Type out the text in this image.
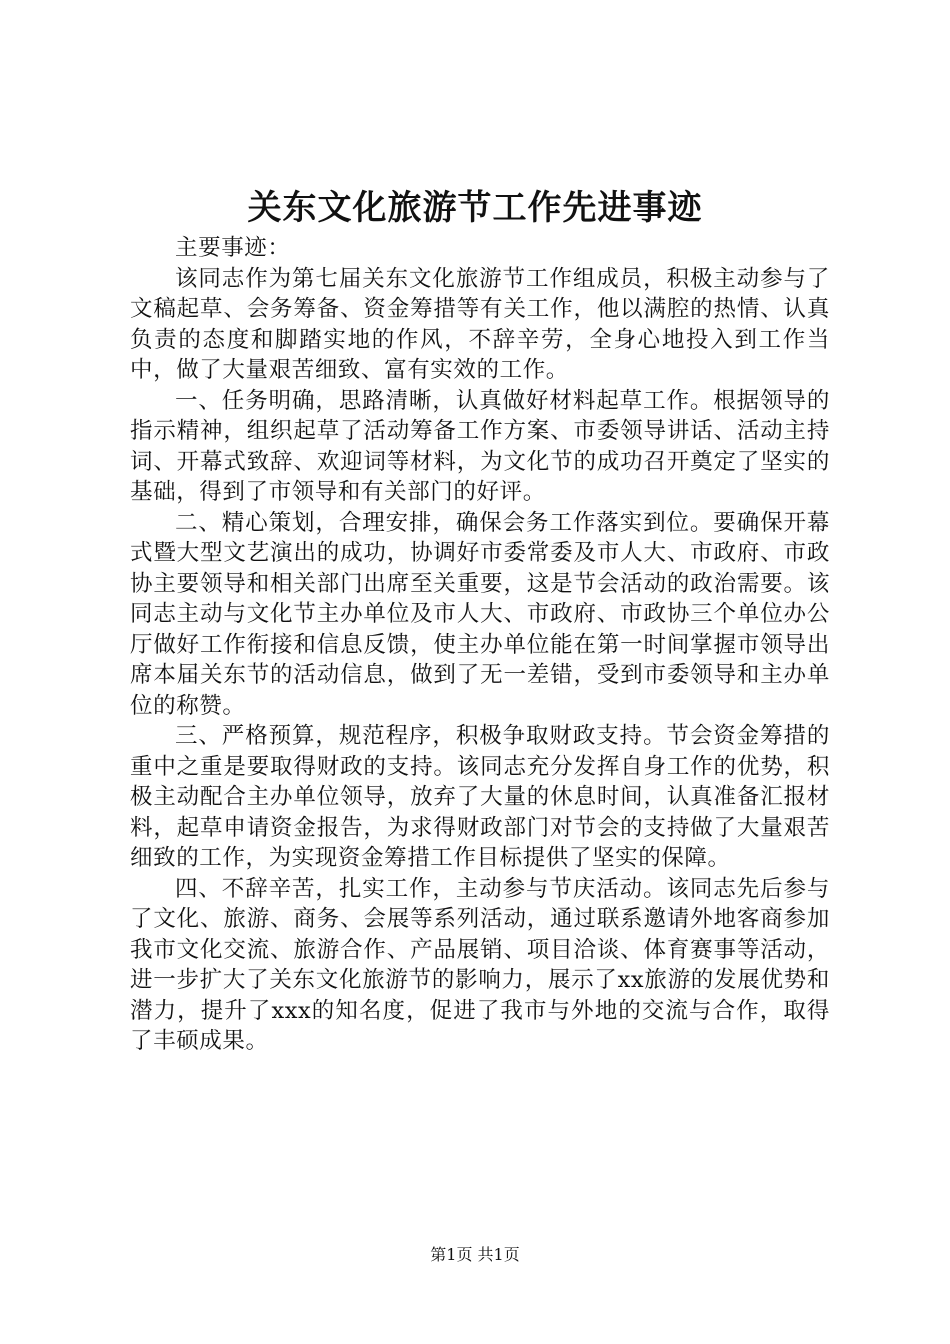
关东文化旅游节工作先进事迹

主要事迹：

该同志作为第七届关东文化旅游节工作组成员，积极主动参与了文稿起草、会务筹备、资金筹措等有关工作，他以满腔的热情、认真负责的态度和脚踏实地的作风，不辞辛劳，全身心地投入到工作当中，做了大量艰苦细致、富有实效的工作。

一、任务明确，思路清晰，认真做好材料起草工作。根据领导的指示精神，组织起草了活动筹备工作方案、市委领导讲话、活动主持词、开幕式致辞、欢迎词等材料，为文化节的成功召开奠定了坚实的基础，得到了市领导和有关部门的好评。

二、精心策划，合理安排，确保会务工作落实到位。要确保开幕式暨大型文艺演出的成功，协调好市委常委及市人大、市政府、市政协主要领导和相关部门出席至关重要，这是节会活动的政治需要。该同志主动与文化节主办单位及市人大、市政府、市政协三个单位办公厅做好工作衔接和信息反馈，使主办单位能在第一时间掌握市领导出席本届关东节的活动信息，做到了无一差错，受到市委领导和主办单位的称赞。

三、严格预算，规范程序，积极争取财政支持。节会资金筹措的重中之重是要取得财政的支持。该同志充分发挥自身工作的优势，积极主动配合主办单位领导，放弃了大量的休息时间，认真准备汇报材料，起草申请资金报告，为求得财政部门对节会的支持做了大量艰苦细致的工作，为实现资金筹措工作目标提供了坚实的保障。

四、不辞辛苦，扎实工作，主动参与节庆活动。该同志先后参与了文化、旅游、商务、会展等系列活动，通过联系邀请外地客商参加我市文化交流、旅游合作、产品展销、项目洽谈、体育赛事等活动，进一步扩大了关东文化旅游节的影响力，展示了xx旅游的发展优势和潜力，提升了xxx的知名度，促进了我市与外地的交流与合作，取得了丰硕成果。

第1页 共1页
